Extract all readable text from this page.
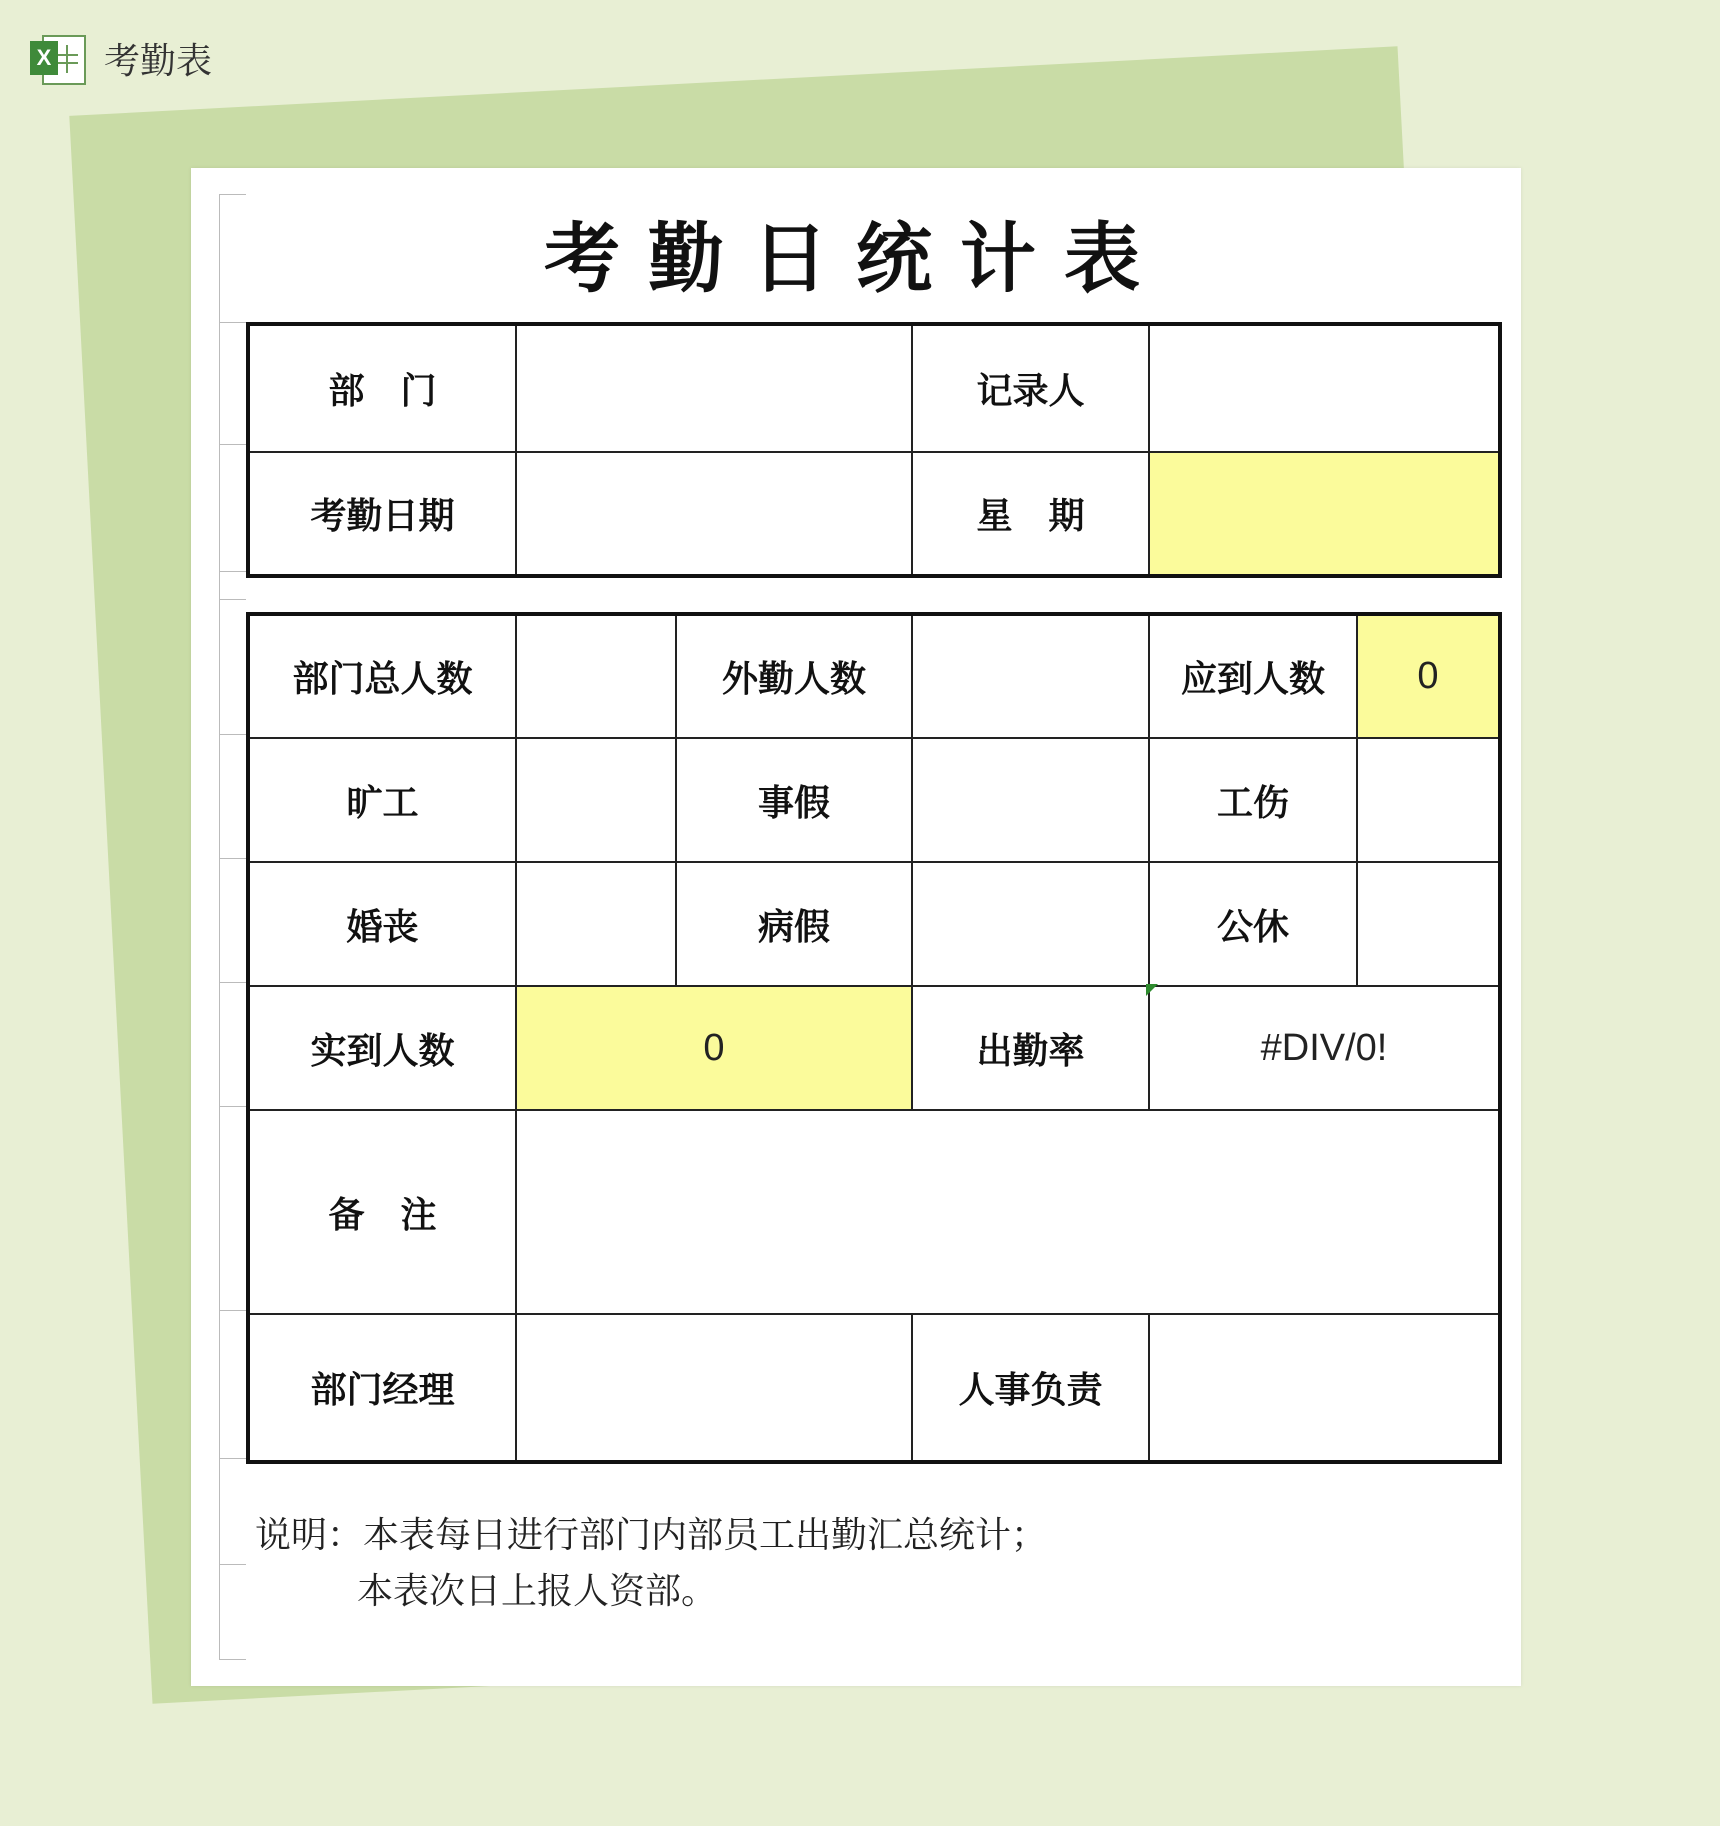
X 考勤表
考勤日统计表
部　门		记录人	
考勤日期		星　期	
部门总人数		外勤人数		应到人数	0
旷工		事假		工伤	
婚丧		病假		公休	
实到人数	0		出勤率	#DIV/0!	
备　注					
部门经理			人事负责		
说明：本表每日进行部门内部员工出勤汇总统计；
本表次日上报人资部。
